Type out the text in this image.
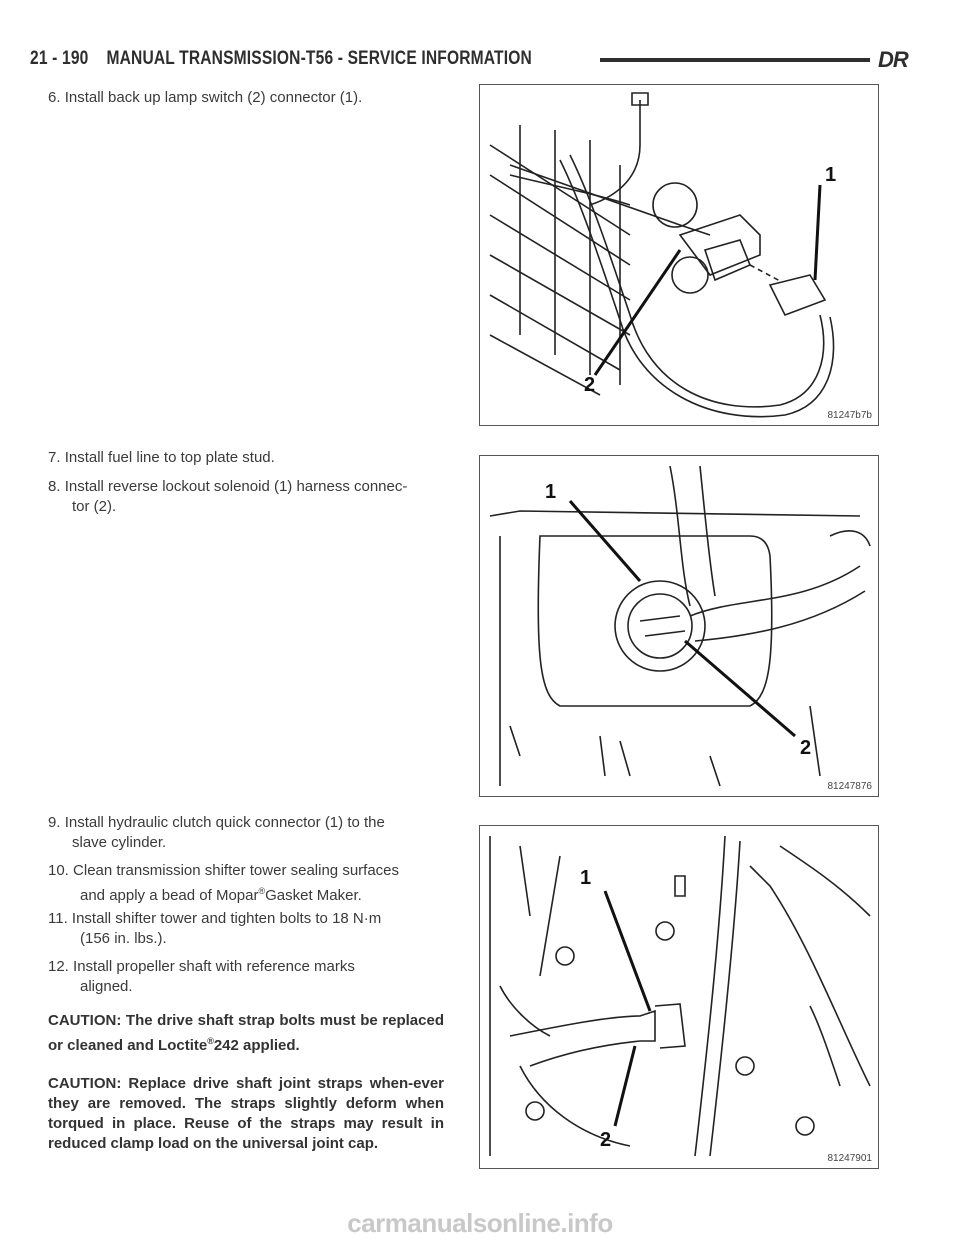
21 - 190 MANUAL TRANSMISSION-T56 - SERVICE INFORMATION	DR
6. Install back up lamp switch (2) connector (1).
7. Install fuel line to top plate stud.
8. Install reverse lockout solenoid (1) harness connec-
tor (2).
9. Install hydraulic clutch quick connector (1) to the
slave cylinder.
10. Clean transmission shifter tower sealing surfaces
and apply a bead of Mopar®Gasket Maker.
11. Install shifter tower and tighten bolts to 18 N·m
(156 in. lbs.).
12. Install propeller shaft with reference marks
aligned.
CAUTION: The drive shaft strap bolts must be replaced or cleaned and Loctite®242 applied.
CAUTION: Replace drive shaft joint straps when-ever they are removed. The straps slightly deform when torqued in place. Reuse of the straps may result in reduced clamp load on the universal joint cap.
1
2
81247b7b
1
2
81247876
1
2
81247901
carmanualsonline.info
